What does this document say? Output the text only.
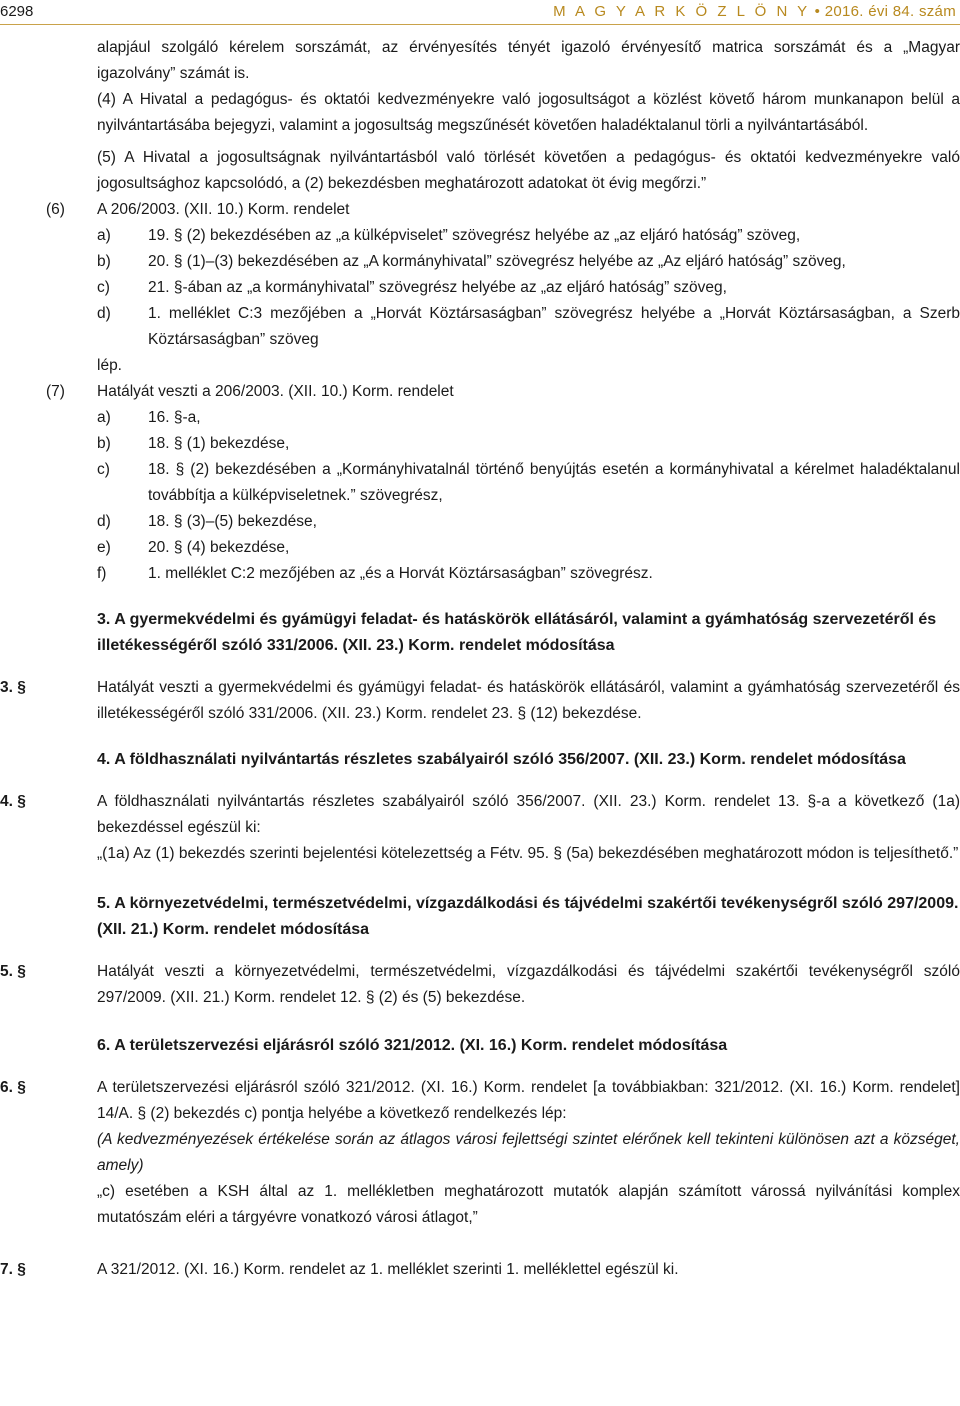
6298	M A G Y A R K Ö Z L Ö N Y • 2016. évi 84. szám

alapjául szolgáló kérelem sorszámát, az érvényesítés tényét igazoló érvényesítő matrica sorszámát és a „Magyar

igazolvány” számát is.

(4) A Hivatal a pedagógus- és oktatói kedvezményekre való jogosultságot a közlést követő három munkanapon belül a nyilvántartásába bejegyzi, valamint a jogosultság megszűnését követően haladéktalanul törli a nyilvántartásából.

(5) A Hivatal a jogosultságnak nyilvántartásból való törlését követően a pedagógus- és oktatói kedvezményekre való jogosultsághoz kapcsolódó, a (2) bekezdésben meghatározott adatokat öt évig megőrzi.”

(6)	A 206/2003. (XII. 10.) Korm. rendelet
a)	19. § (2) bekezdésében az „a külképviselet” szövegrész helyébe az „az eljáró hatóság” szöveg,
b)	20. § (1)–(3) bekezdésében az „A kormányhivatal” szövegrész helyébe az „Az eljáró hatóság” szöveg,
c)	21. §-ában az „a kormányhivatal” szövegrész helyébe az „az eljáró hatóság” szöveg,
d)	1. melléklet C:3 mezőjében a „Horvát Köztársaságban” szövegrész helyébe a „Horvát Köztársaságban, a Szerb Köztársaságban” szöveg

lép.

(7)	Hatályát veszti a 206/2003. (XII. 10.) Korm. rendelet
a)	16. §-a,
b)	18. § (1) bekezdése,
c)	18. § (2) bekezdésében a „Kormányhivatalnál történő benyújtás esetén a kormányhivatal a kérelmet haladéktalanul továbbítja a külképviseletnek.” szövegrész,
d)	18. § (3)–(5) bekezdése,
e)	20. § (4) bekezdése,
f)	1. melléklet C:2 mezőjében az „és a Horvát Köztársaságban” szövegrész.
3. A gyermekvédelmi és gyámügyi feladat- és hatáskörök ellátásáról, valamint a gyámhatóság szervezetéről és illetékességéről szóló 331/2006. (XII. 23.) Korm. rendelet módosítása
3. §	Hatályát veszti a gyermekvédelmi és gyámügyi feladat- és hatáskörök ellátásáról, valamint a gyámhatóság szervezetéről és illetékességéről szóló 331/2006. (XII. 23.) Korm. rendelet 23. § (12) bekezdése.
4. A földhasználati nyilvántartás részletes szabályairól szóló 356/2007. (XII. 23.) Korm. rendelet módosítása
4. §	A földhasználati nyilvántartás részletes szabályairól szóló 356/2007. (XII. 23.) Korm. rendelet 13. §-a a következő (1a) bekezdéssel egészül ki:
„(1a) Az (1) bekezdés szerinti bejelentési kötelezettség a Fétv. 95. § (5a) bekezdésében meghatározott módon is teljesíthető.”
5. A környezetvédelmi, természetvédelmi, vízgazdálkodási és tájvédelmi szakértői tevékenységről szóló 297/2009. (XII. 21.) Korm. rendelet módosítása
5. §	Hatályát veszti a környezetvédelmi, természetvédelmi, vízgazdálkodási és tájvédelmi szakértői tevékenységről szóló 297/2009. (XII. 21.) Korm. rendelet 12. § (2) és (5) bekezdése.
6. A területszervezési eljárásról szóló 321/2012. (XI. 16.) Korm. rendelet módosítása
6. §	A területszervezési eljárásról szóló 321/2012. (XI. 16.) Korm. rendelet [a továbbiakban: 321/2012. (XI. 16.) Korm. rendelet] 14/A. § (2) bekezdés c) pontja helyébe a következő rendelkezés lép:
(A kedvezményezések értékelése során az átlagos városi fejlettségi szintet elérőnek kell tekinteni különösen azt a községet, amely)
„c) esetében a KSH által az 1. mellékletben meghatározott mutatók alapján számított várossá nyilvánítási komplex mutatószám eléri a tárgyévre vonatkozó városi átlagot,”
7. §	A 321/2012. (XI. 16.) Korm. rendelet az 1. melléklet szerinti 1. melléklettel egészül ki.
